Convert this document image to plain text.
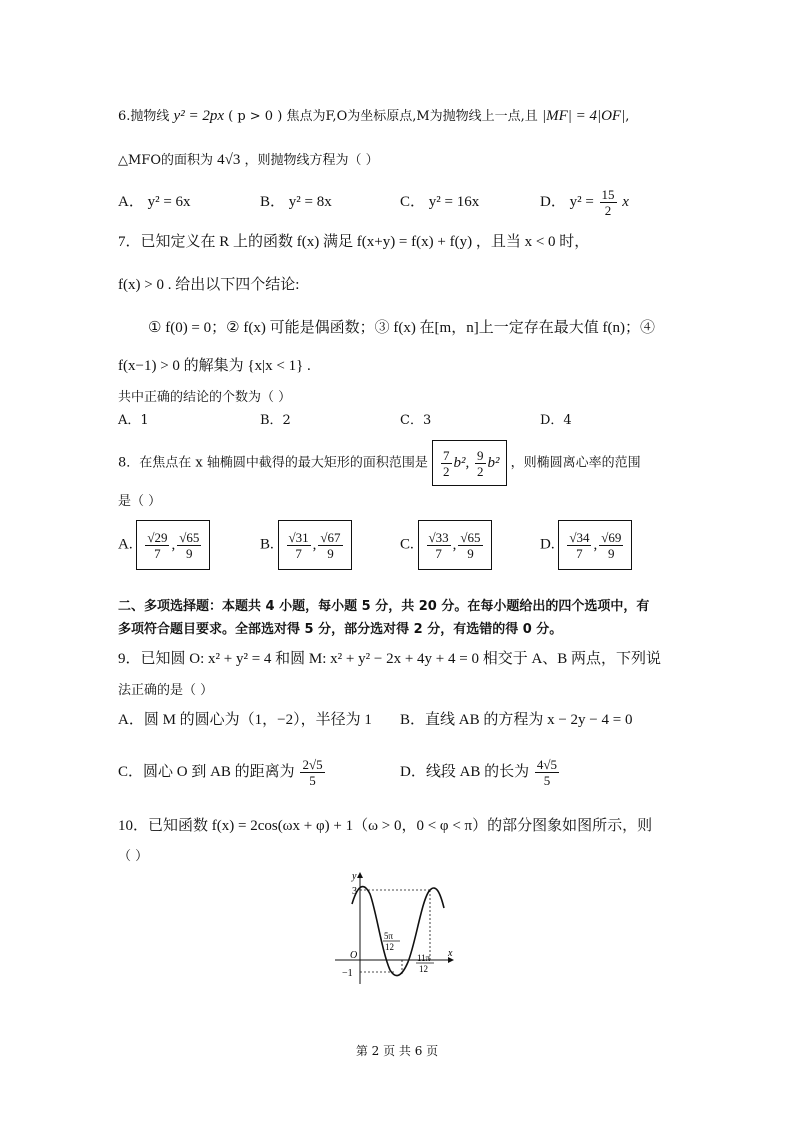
6.抛物线 y² = 2px ( p > 0 ) 焦点为F,O为坐标原点,M为抛物线上一点,且 |MF| = 4|OF|,
△MFO的面积为 4√3 ，则抛物线方程为（ ）
A． y² = 6x	B． y² = 8x	C． y² = 16x	D． $y^2 = \frac{15}{2}$ x
7．已知定义在 R 上的函数 f(x) 满足 f(x+y) = f(x) + f(y) ，且当 x < 0 时，
f(x) > 0 . 给出以下四个结论:
① f(0) = 0；② f(x) 可能是偶函数；③ f(x) 在[m，n]上一定存在最大值 f(n)；④
f(x−1) > 0 的解集为 {x|x < 1} .
共中正确的结论的个数为（ ）
A．1	B．2	C．3	D．4
8．在焦点在 x 轴椭圆中截得的最大矩形的面积范围是 $\frac{7}{2} b^2$, $\frac{9}{2} b^2$ ，则椭圆离心率的范围
是（ ）
A. $\frac{√29}{7}$ , $\frac{√65}{9}$	B. $\frac{√31}{7}$ , $\frac{√67}{9}$	C. $\frac{√33}{7}$ , $\frac{√65}{9}$	D. $\frac{√34}{7}$ , $\frac{√69}{9}$
二、多项选择题：本题共 4 小题，每小题 5 分，共 20 分。在每小题给出的四个选项中，有
多项符合题目要求。全部选对得 5 分，部分选对得 2 分，有选错的得 0 分。
9．已知圆 O: x² + y² = 4 和圆 M: x² + y² − 2x + 4y + 4 = 0 相交于 A、B 两点，下列说
法正确的是（ ）
A．圆 M 的圆心为（1，−2），半径为 1 B．直线 AB 的方程为 x − 2y − 4 = 0
C．圆心 O 到 AB 的距离为 $\frac{2√5}{5}$	D．线段 AB 的长为 $\frac{4√5}{5}$
10．已知函数 f(x) = 2cos(ωx + φ) + 1（ω > 0，0 < φ < π）的部分图象如图所示，则
（ ）
y
x
O
3
−1
5π
12
11π
12
第 2 页 共 6 页
